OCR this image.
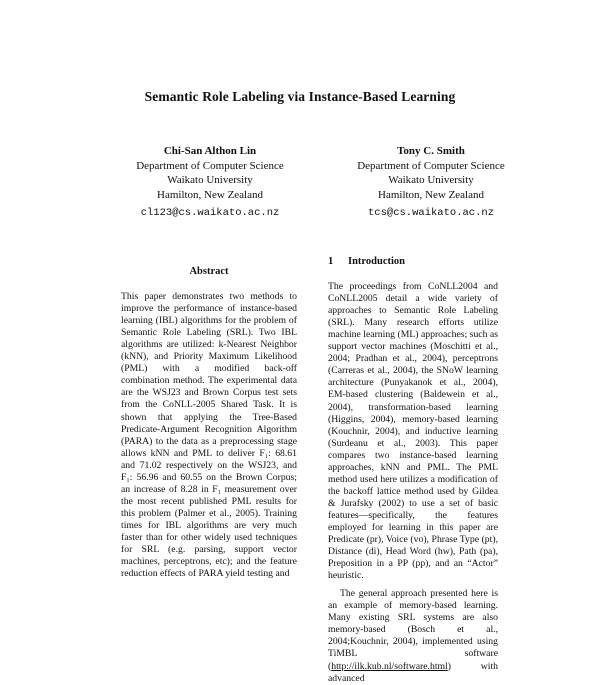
Semantic Role Labeling via Instance-Based Learning
Chi-San Althon Lin
Department of Computer Science
Waikato University
Hamilton, New Zealand
cl123@cs.waikato.ac.nz
Tony C. Smith
Department of Computer Science
Waikato University
Hamilton, New Zealand
tcs@cs.waikato.ac.nz
Abstract

This paper demonstrates two methods to improve the performance of instance-based learning (IBL) algorithms for the problem of Semantic Role Labeling (SRL). Two IBL algorithms are utilized: k-Nearest Neighbor (kNN), and Priority Maximum Likelihood (PML) with a modified back-off combination method. The experimental data are the WSJ23 and Brown Corpus test sets from the CoNLL-2005 Shared Task. It is shown that applying the Tree-Based Predicate-Argument Recognition Algorithm (PARA) to the data as a preprocessing stage allows kNN and PML to deliver F₁: 68.61 and 71.02 respectively on the WSJ23, and F₁: 56.96 and 60.55 on the Brown Corpus; an increase of 8.28 in F₁ measurement over the most recent published PML results for this problem (Palmer et al., 2005). Training times for IBL algorithms are very much faster than for other widely used techniques for SRL (e.g. parsing, support vector machines, perceptrons, etc); and the feature reduction effects of PARA yield testing and

1 Introduction

The proceedings from CoNLL2004 and CoNLL2005 detail a wide variety of approaches to Semantic Role Labeling (SRL). Many research efforts utilize machine learning (ML) approaches; such as support vector machines (Moschitti et al., 2004; Pradhan et al., 2004), perceptrons (Carreras et al., 2004), the SNoW learning architecture (Punyakanok et al., 2004), EM-based clustering (Baldewein et al., 2004), transformation-based learning (Higgins, 2004), memory-based learning (Kouchnir, 2004), and inductive learning (Surdeanu et al., 2003). This paper compares two instance-based learning approaches, kNN and PML. The PML method used here utilizes a modification of the backoff lattice method used by Gildea & Jurafsky (2002) to use a set of basic features—specifically, the features employed for learning in this paper are Predicate (pr), Voice (vo), Phrase Type (pt), Distance (di), Head Word (hw), Path (pa), Preposition in a PP (pp), and an “Actor” heuristic.

The general approach presented here is an example of memory-based learning. Many existing SRL systems are also memory-based (Bosch et al., 2004;Kouchnir, 2004), implemented using TiMBL software (http://ilk.kub.nl/software.html) with advanced
